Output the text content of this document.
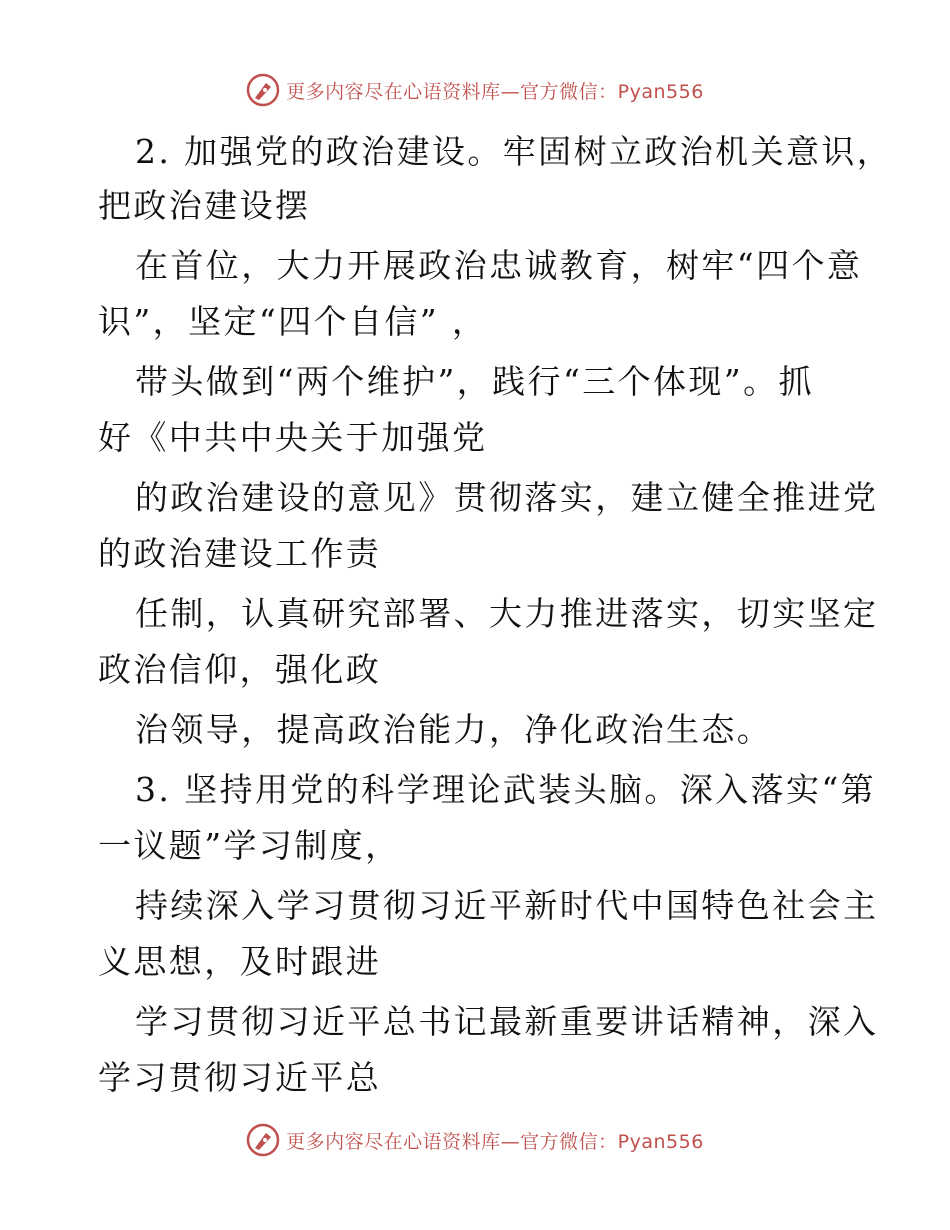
更多内容尽在心语资料库—官方微信：Pyan556
2. 加强党的政治建设。牢固树立政治机关意识，
把政治建设摆
在首位，大力开展政治忠诚教育，树牢“四个意
识”，坚定“四个自信” ，
带头做到“两个维护”，践行“三个体现”。抓
好《中共中央关于加强党
的政治建设的意见》贯彻落实，建立健全推进党
的政治建设工作责
任制，认真研究部署、大力推进落实，切实坚定
政治信仰，强化政
治领导，提高政治能力，净化政治生态。
3. 坚持用党的科学理论武装头脑。深入落实“第
一议题”学习制度，
持续深入学习贯彻习近平新时代中国特色社会主
义思想，及时跟进
学习贯彻习近平总书记最新重要讲话精神，深入
学习贯彻习近平总
更多内容尽在心语资料库—官方微信：Pyan556
